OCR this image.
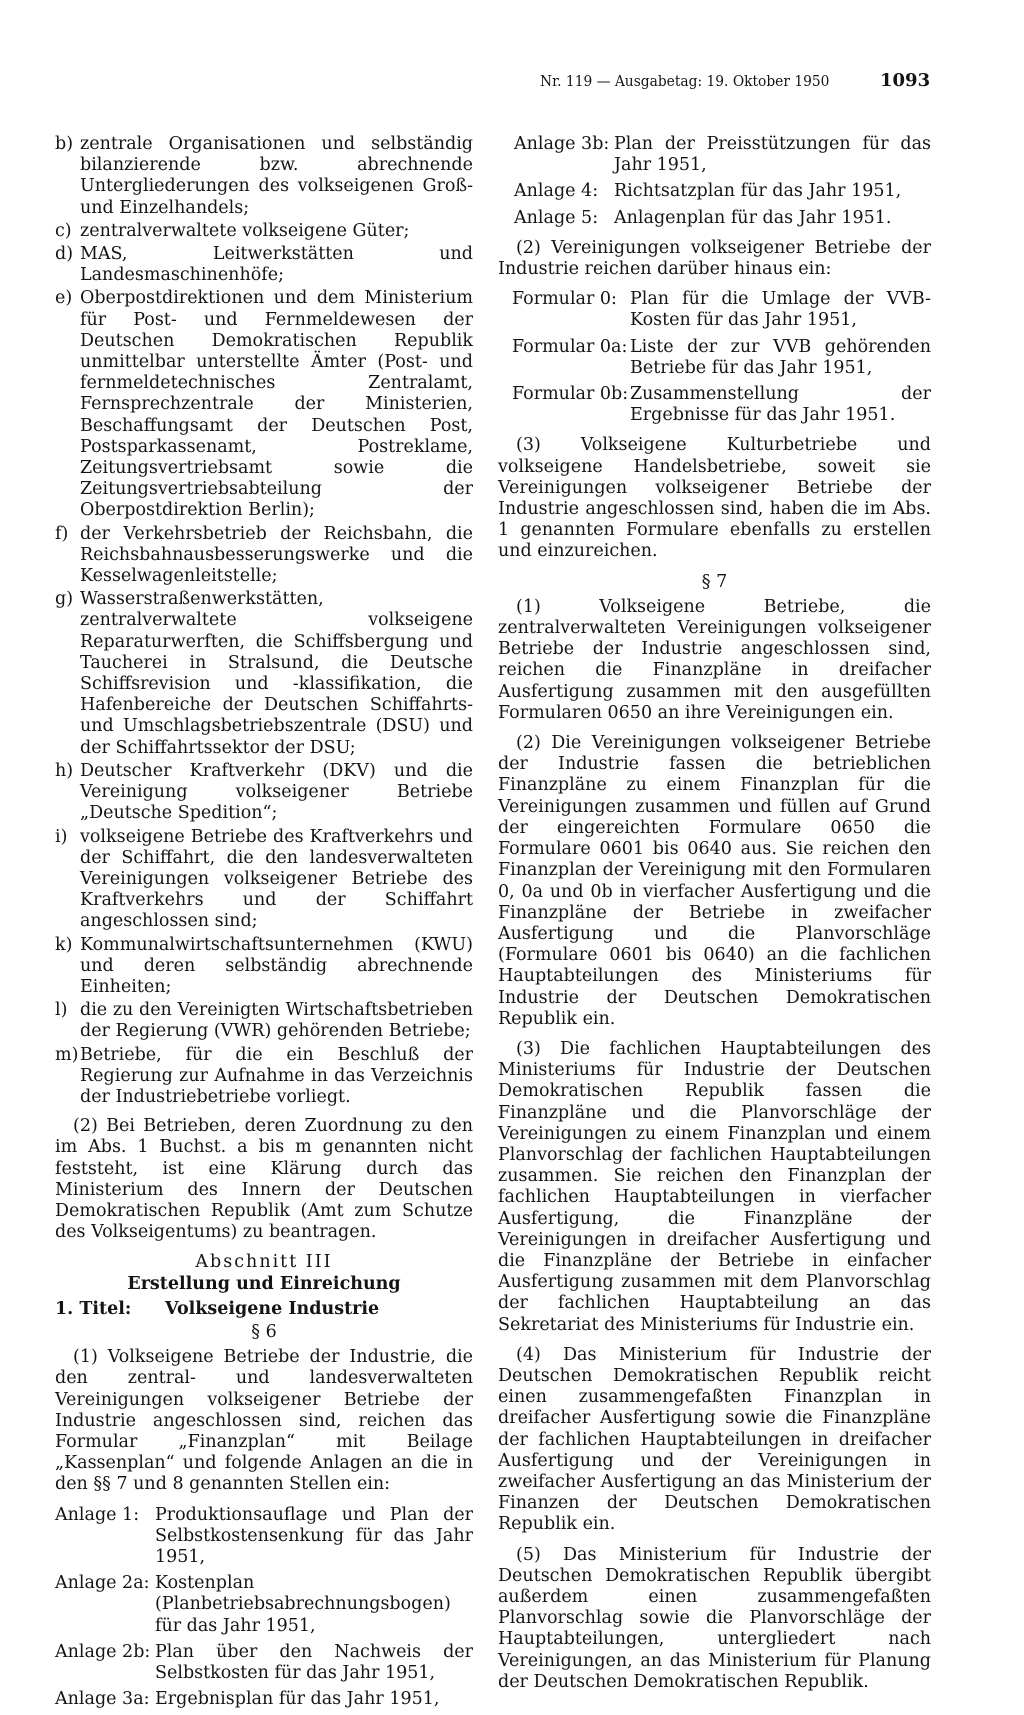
Nr. 119 — Ausgabetag: 19. Oktober 1950	1093
b) zentrale Organisationen und selbständig bilanzierende bzw. abrechnende Untergliederungen des volkseigenen Groß- und Einzelhandels;
c) zentralverwaltete volkseigene Güter;
d) MAS, Leitwerkstätten und Landesmaschinenhöfe;
e) Oberpostdirektionen und dem Ministerium für Post- und Fernmeldewesen der Deutschen Demokratischen Republik unmittelbar unterstellte Ämter (Post- und fernmeldetechnisches Zentralamt, Fernsprechzentrale der Ministerien, Beschaffungsamt der Deutschen Post, Postsparkassenamt, Postreklame, Zeitungsvertriebsamt sowie die Zeitungsvertriebsabteilung der Oberpostdirektion Berlin);
f) der Verkehrsbetrieb der Reichsbahn, die Reichsbahnausbesserungswerke und die Kesselwagenleitstelle;
g) Wasserstraßenwerkstätten, zentralverwaltete volkseigene Reparaturwerften, die Schiffsbergung und Taucherei in Stralsund, die Deutsche Schiffsrevision und -klassifikation, die Hafenbereiche der Deutschen Schiffahrts- und Umschlagsbetriebszentrale (DSU) und der Schiffahrtssektor der DSU;
h) Deutscher Kraftverkehr (DKV) und die Vereinigung volkseigener Betriebe „Deutsche Spedition“;
i) volkseigene Betriebe des Kraftverkehrs und der Schiffahrt, die den landesverwalteten Vereinigungen volkseigener Betriebe des Kraftverkehrs und der Schiffahrt angeschlossen sind;
k) Kommunalwirtschaftsunternehmen (KWU) und deren selbständig abrechnende Einheiten;
l) die zu den Vereinigten Wirtschaftsbetrieben der Regierung (VWR) gehörenden Betriebe;
m) Betriebe, für die ein Beschluß der Regierung zur Aufnahme in das Verzeichnis der Industriebetriebe vorliegt.

(2) Bei Betrieben, deren Zuordnung zu den im Abs. 1 Buchst. a bis m genannten nicht feststeht, ist eine Klärung durch das Ministerium des Innern der Deutschen Demokratischen Republik (Amt zum Schutze des Volkseigentums) zu beantragen.

Abschnitt III
Erstellung und Einreichung
1. Titel:	Volkseigene Industrie
§ 6

(1) Volkseigene Betriebe der Industrie, die den zentral- und landesverwalteten Vereinigungen volkseigener Betriebe der Industrie angeschlossen sind, reichen das Formular „Finanzplan“ mit Beilage „Kassenplan“ und folgende Anlagen an die in den §§ 7 und 8 genannten Stellen ein:

Anlage 1: Produktionsauflage und Plan der Selbstkostensenkung für das Jahr 1951,
Anlage 2a: Kostenplan (Planbetriebsabrechnungsbogen) für das Jahr 1951,
Anlage 2b: Plan über den Nachweis der Selbstkosten für das Jahr 1951,
Anlage 3a: Ergebnisplan für das Jahr 1951,
Anlage 3b: Plan der Preisstützungen für das Jahr 1951,
Anlage 4: Richtsatzplan für das Jahr 1951,
Anlage 5: Anlagenplan für das Jahr 1951.

(2) Vereinigungen volkseigener Betriebe der Industrie reichen darüber hinaus ein:

Formular 0: Plan für die Umlage der VVB-Kosten für das Jahr 1951,
Formular 0a: Liste der zur VVB gehörenden Betriebe für das Jahr 1951,
Formular 0b: Zusammenstellung der Ergebnisse für das Jahr 1951.

(3) Volkseigene Kulturbetriebe und volkseigene Handelsbetriebe, soweit sie Vereinigungen volkseigener Betriebe der Industrie angeschlossen sind, haben die im Abs. 1 genannten Formulare ebenfalls zu erstellen und einzureichen.

§ 7

(1) Volkseigene Betriebe, die zentralverwalteten Vereinigungen volkseigener Betriebe der Industrie angeschlossen sind, reichen die Finanzpläne in dreifacher Ausfertigung zusammen mit den ausgefüllten Formularen 0650 an ihre Vereinigungen ein.

(2) Die Vereinigungen volkseigener Betriebe der Industrie fassen die betrieblichen Finanzpläne zu einem Finanzplan für die Vereinigungen zusammen und füllen auf Grund der eingereichten Formulare 0650 die Formulare 0601 bis 0640 aus. Sie reichen den Finanzplan der Vereinigung mit den Formularen 0, 0a und 0b in vierfacher Ausfertigung und die Finanzpläne der Betriebe in zweifacher Ausfertigung und die Planvorschläge (Formulare 0601 bis 0640) an die fachlichen Hauptabteilungen des Ministeriums für Industrie der Deutschen Demokratischen Republik ein.

(3) Die fachlichen Hauptabteilungen des Ministeriums für Industrie der Deutschen Demokratischen Republik fassen die Finanzpläne und die Planvorschläge der Vereinigungen zu einem Finanzplan und einem Planvorschlag der fachlichen Hauptabteilungen zusammen. Sie reichen den Finanzplan der fachlichen Hauptabteilungen in vierfacher Ausfertigung, die Finanzpläne der Vereinigungen in dreifacher Ausfertigung und die Finanzpläne der Betriebe in einfacher Ausfertigung zusammen mit dem Planvorschlag der fachlichen Hauptabteilung an das Sekretariat des Ministeriums für Industrie ein.

(4) Das Ministerium für Industrie der Deutschen Demokratischen Republik reicht einen zusammengefaßten Finanzplan in dreifacher Ausfertigung sowie die Finanzpläne der fachlichen Hauptabteilungen in dreifacher Ausfertigung und der Vereinigungen in zweifacher Ausfertigung an das Ministerium der Finanzen der Deutschen Demokratischen Republik ein.

(5) Das Ministerium für Industrie der Deutschen Demokratischen Republik übergibt außerdem einen zusammengefaßten Planvorschlag sowie die Planvorschläge der Hauptabteilungen, untergliedert nach Vereinigungen, an das Ministerium für Planung der Deutschen Demokratischen Republik.
